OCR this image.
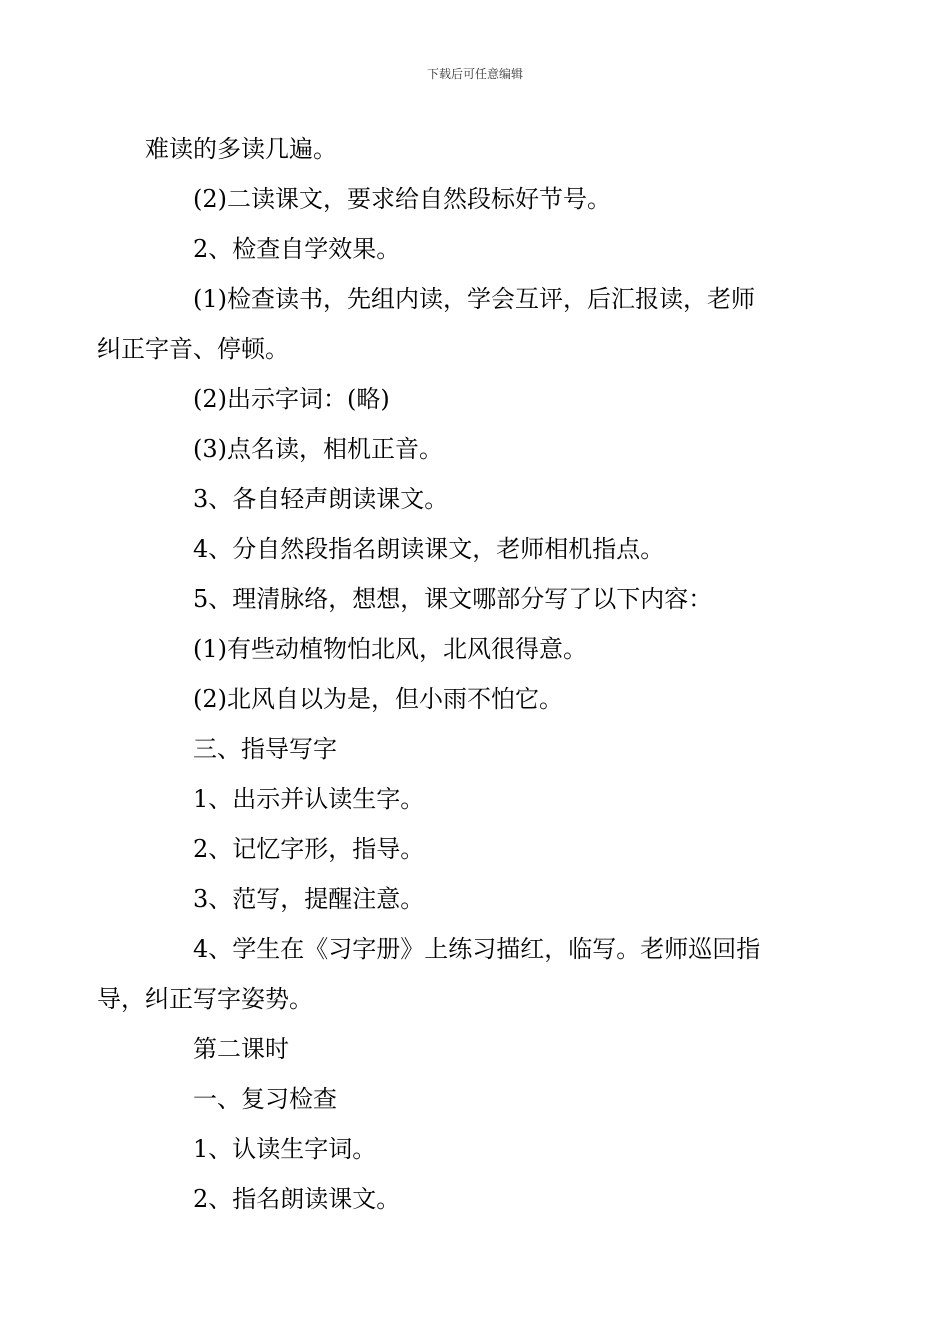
下载后可任意编辑

难读的多读几遍。

(2)二读课文，要求给自然段标好节号。

2、检查自学效果。

(1)检查读书，先组内读，学会互评，后汇报读，老师
纠正字音、停顿。

(2)出示字词：(略)

(3)点名读，相机正音。

3、各自轻声朗读课文。

4、分自然段指名朗读课文，老师相机指点。

5、理清脉络，想想，课文哪部分写了以下内容：

(1)有些动植物怕北风，北风很得意。

(2)北风自以为是，但小雨不怕它。

三、指导写字

1、出示并认读生字。

2、记忆字形，指导。

3、范写，提醒注意。

4、学生在《习字册》上练习描红，临写。老师巡回指
导，纠正写字姿势。

第二课时

一、复习检查

1、认读生字词。

2、指名朗读课文。
